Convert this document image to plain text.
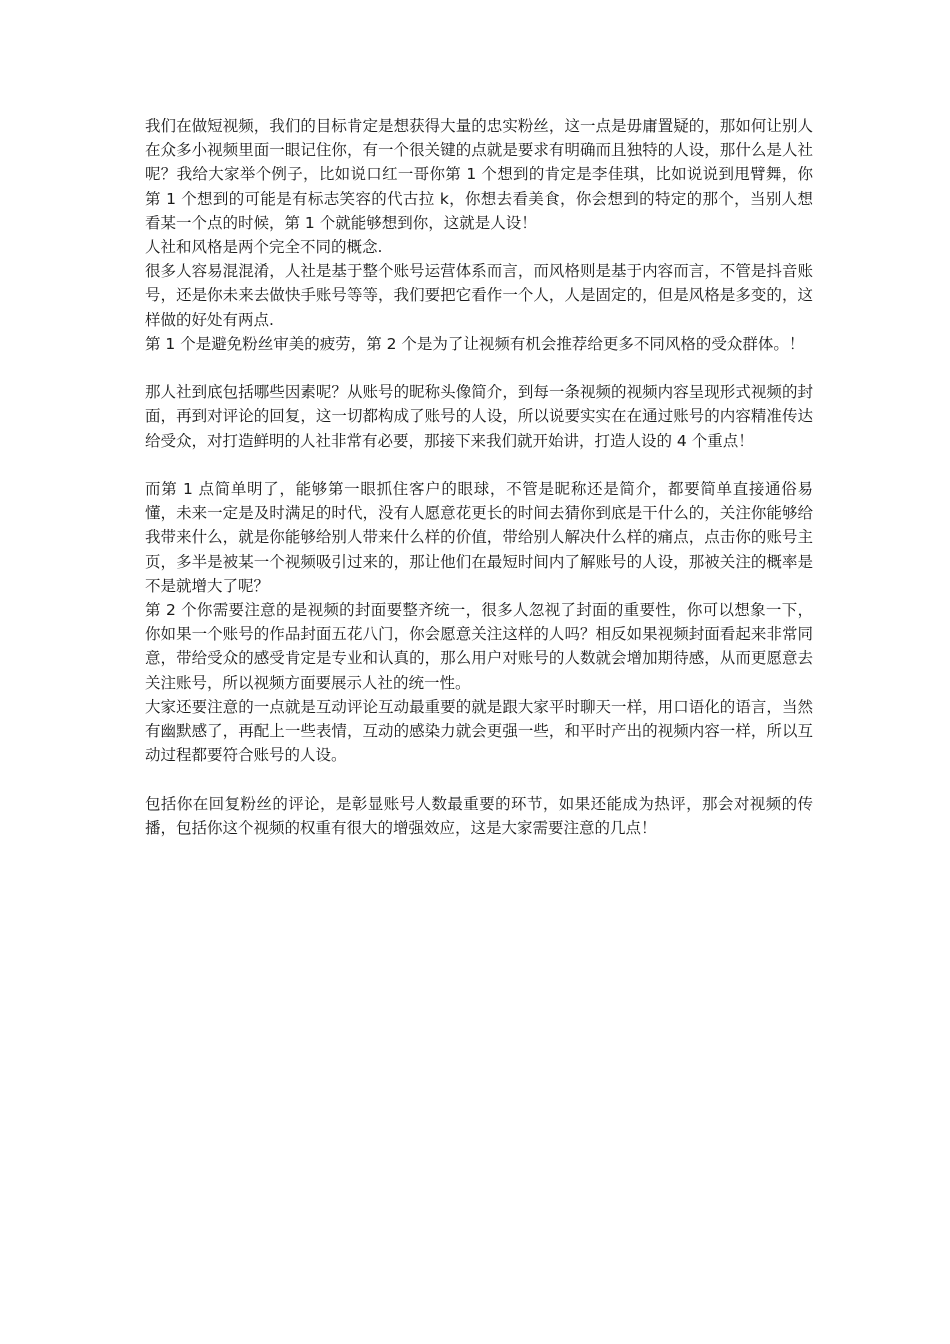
我们在做短视频，我们的目标肯定是想获得大量的忠实粉丝，这一点是毋庸置疑的，那如何让别人在众多小视频里面一眼记住你，有一个很关键的点就是要求有明确而且独特的人设，那什么是人社呢？我给大家举个例子，比如说口红一哥你第 1 个想到的肯定是李佳琪，比如说说到甩臂舞，你第 1 个想到的可能是有标志笑容的代古拉 k，你想去看美食，你会想到的特定的那个，当别人想看某一个点的时候，第 1 个就能够想到你，这就是人设！

人社和风格是两个完全不同的概念.

很多人容易混混淆，人社是基于整个账号运营体系而言，而风格则是基于内容而言，不管是抖音账号，还是你未来去做快手账号等等，我们要把它看作一个人，人是固定的，但是风格是多变的，这样做的好处有两点.

第 1 个是避免粉丝审美的疲劳，第 2 个是为了让视频有机会推荐给更多不同风格的受众群体。！

那人社到底包括哪些因素呢？从账号的昵称头像简介，到每一条视频的视频内容呈现形式视频的封面，再到对评论的回复，这一切都构成了账号的人设，所以说要实实在在通过账号的内容精准传达给受众，对打造鲜明的人社非常有必要，那接下来我们就开始讲，打造人设的 4 个重点！

而第 1 点简单明了，能够第一眼抓住客户的眼球，不管是昵称还是简介，都要简单直接通俗易懂，未来一定是及时满足的时代，没有人愿意花更长的时间去猜你到底是干什么的，关注你能够给我带来什么，就是你能够给别人带来什么样的价值，带给别人解决什么样的痛点，点击你的账号主页，多半是被某一个视频吸引过来的，那让他们在最短时间内了解账号的人设，那被关注的概率是不是就增大了呢？

第 2 个你需要注意的是视频的封面要整齐统一，很多人忽视了封面的重要性，你可以想象一下，你如果一个账号的作品封面五花八门，你会愿意关注这样的人吗？相反如果视频封面看起来非常同意，带给受众的感受肯定是专业和认真的，那么用户对账号的人数就会增加期待感，从而更愿意去关注账号，所以视频方面要展示人社的统一性。

大家还要注意的一点就是互动评论互动最重要的就是跟大家平时聊天一样，用口语化的语言，当然有幽默感了，再配上一些表情，互动的感染力就会更强一些，和平时产出的视频内容一样，所以互动过程都要符合账号的人设。

包括你在回复粉丝的评论，是彰显账号人数最重要的环节，如果还能成为热评，那会对视频的传播，包括你这个视频的权重有很大的增强效应，这是大家需要注意的几点！
